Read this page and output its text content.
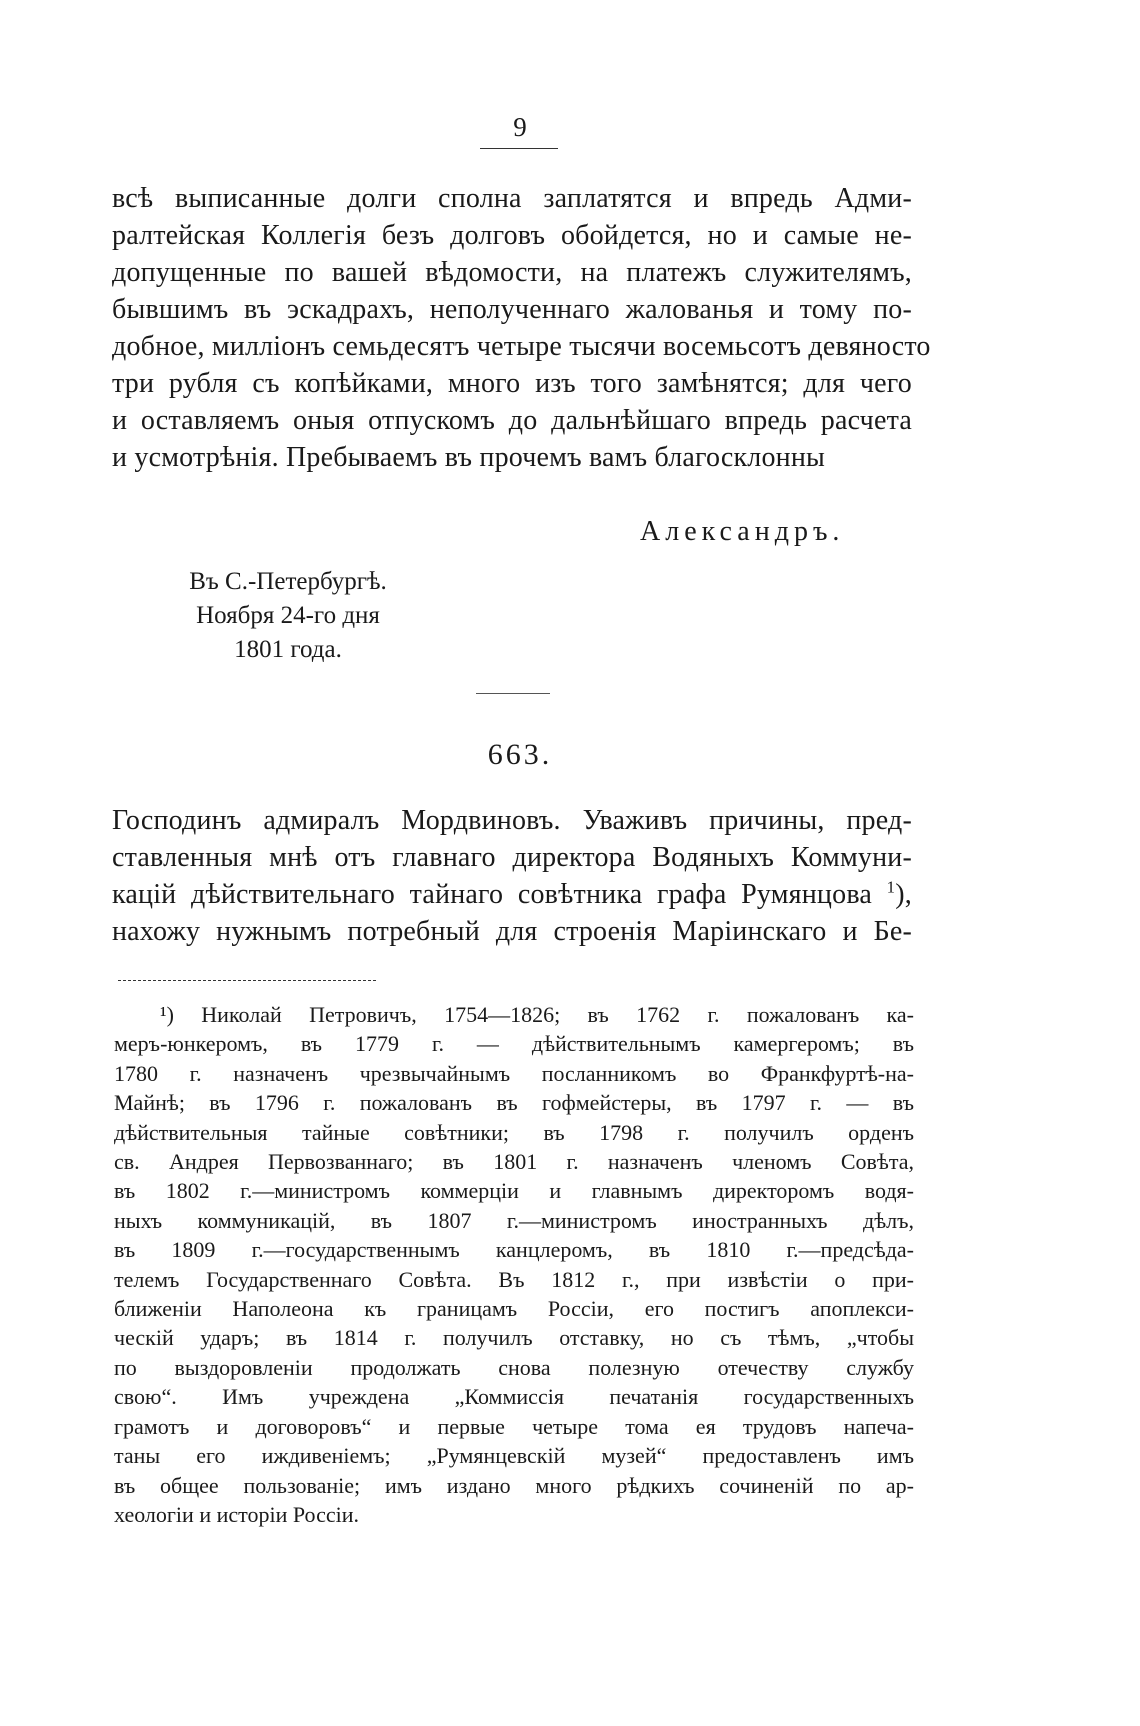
9
всѣ выписанные долги сполна заплатятся и впредь Адми-
ралтейская Коллегія безъ долговъ обойдется, но и самые не-
допущенные по вашей вѣдомости, на платежъ служителямъ,
бывшимъ въ эскадрахъ, неполученнаго жалованья и тому по-
добное, милліонъ семьдесятъ четыре тысячи восемьсотъ девяносто
три рубля съ копѣйками, много изъ того замѣнятся; для чего
и оставляемъ оныя отпускомъ до дальнѣйшаго впредь расчета
и усмотрѣнія. Пребываемъ въ прочемъ вамъ благосклонны
Александръ.
Въ С.-Петербургѣ.
Ноября 24-го дня
1801 года.
663.
Господинъ адмиралъ Мордвиновъ. Уваживъ причины, пред-
ставленныя мнѣ отъ главнаго директора Водяныхъ Коммуни-
кацій дѣйствительнаго тайнаго совѣтника графа Румянцова $^1$),
нахожу нужнымъ потребный для строенія Маріинскаго и Бе-
¹) Николай Петровичъ, 1754—1826; въ 1762 г. пожалованъ ка-
меръ-юнкеромъ, въ 1779 г. — дѣйствительнымъ камергеромъ; въ
1780 г. назначенъ чрезвычайнымъ посланникомъ во Франкфуртѣ-на-
Майнѣ; въ 1796 г. пожалованъ въ гофмейстеры, въ 1797 г. — въ
дѣйствительныя тайные совѣтники; въ 1798 г. получилъ орденъ
св. Андрея Первозваннаго; въ 1801 г. назначенъ членомъ Совѣта,
въ 1802 г.—министромъ коммерціи и главнымъ директоромъ водя-
ныхъ коммуникацій, въ 1807 г.—министромъ иностранныхъ дѣлъ,
въ 1809 г.—государственнымъ канцлеромъ, въ 1810 г.—предсѣда-
телемъ Государственнаго Совѣта. Въ 1812 г., при извѣстіи о при-
ближеніи Наполеона къ границамъ Россіи, его постигъ апоплекси-
ческій ударъ; въ 1814 г. получилъ отставку, но съ тѣмъ, „чтобы
по выздоровленіи продолжать снова полезную отечеству службу
свою“. Имъ учреждена „Коммиссія печатанія государственныхъ
грамотъ и договоровъ“ и первые четыре тома ея трудовъ напеча-
таны его иждивеніемъ; „Румянцевскій музей“ предоставленъ имъ
въ общее пользованіе; имъ издано много рѣдкихъ сочиненій по ар-
хеологіи и исторіи Россіи.
